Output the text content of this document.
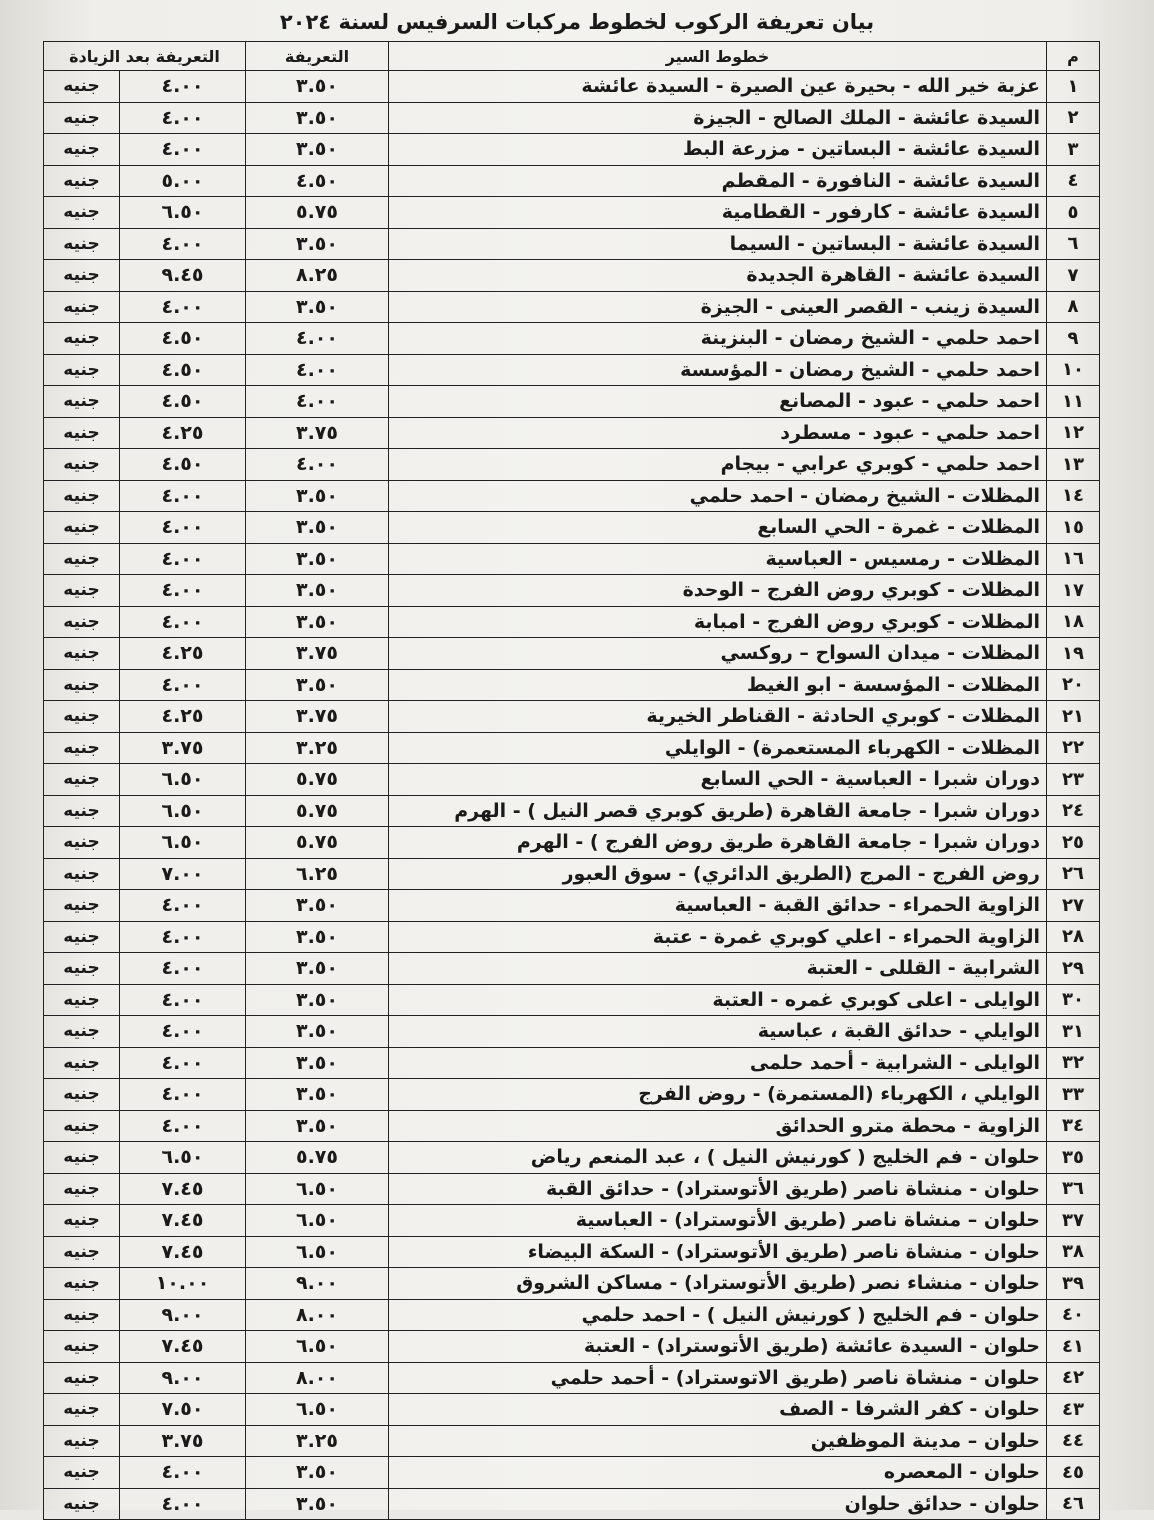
بيان تعريفة الركوب لخطوط مركبات السرفيس لسنة ٢٠٢٤
م	خطوط السير	التعريفة	التعريفة بعد الزيادة	
١	عزبة خير الله - بحيرة عين الصيرة - السيدة عائشة	٣.٥٠	٤.٠٠	جنيه
٢	السيدة عائشة - الملك الصالح - الجيزة	٣.٥٠	٤.٠٠	جنيه
٣	السيدة عائشة - البساتين - مزرعة البط	٣.٥٠	٤.٠٠	جنيه
٤	السيدة عائشة - النافورة - المقطم	٤.٥٠	٥.٠٠	جنيه
٥	السيدة عائشة - كارفور - القطامية	٥.٧٥	٦.٥٠	جنيه
٦	السيدة عائشة - البساتين - السيما	٣.٥٠	٤.٠٠	جنيه
٧	السيدة عائشة - القاهرة الجديدة	٨.٢٥	٩.٤٥	جنيه
٨	السيدة زينب - القصر العينى - الجيزة	٣.٥٠	٤.٠٠	جنيه
٩	احمد حلمي - الشيخ رمضان - البنزينة	٤.٠٠	٤.٥٠	جنيه
١٠	احمد حلمي - الشيخ رمضان - المؤسسة	٤.٠٠	٤.٥٠	جنيه
١١	احمد حلمي - عبود - المصانع	٤.٠٠	٤.٥٠	جنيه
١٢	احمد حلمي - عبود - مسطرد	٣.٧٥	٤.٢٥	جنيه
١٣	احمد حلمي - كوبري عرابي - بيجام	٤.٠٠	٤.٥٠	جنيه
١٤	المظلات - الشيخ رمضان - احمد حلمي	٣.٥٠	٤.٠٠	جنيه
١٥	المظلات - غمرة - الحي السابع	٣.٥٠	٤.٠٠	جنيه
١٦	المظلات - رمسيس - العباسية	٣.٥٠	٤.٠٠	جنيه
١٧	المظلات - كوبري روض الفرج – الوحدة	٣.٥٠	٤.٠٠	جنيه
١٨	المظلات - كوبري روض الفرج - امبابة	٣.٥٠	٤.٠٠	جنيه
١٩	المظلات - ميدان السواح – روكسي	٣.٧٥	٤.٢٥	جنيه
٢٠	المظلات - المؤسسة - ابو الغيط	٣.٥٠	٤.٠٠	جنيه
٢١	المظلات - كوبري الحادثة - القناطر الخيرية	٣.٧٥	٤.٢٥	جنيه
٢٢	المظلات - الكهرباء المستعمرة) - الوايلي	٣.٢٥	٣.٧٥	جنيه
٢٣	دوران شبرا - العباسية - الحي السابع	٥.٧٥	٦.٥٠	جنيه
٢٤	دوران شبرا - جامعة القاهرة (طريق كوبري قصر النيل ) - الهرم	٥.٧٥	٦.٥٠	جنيه
٢٥	دوران شبرا - جامعة القاهرة طريق روض الفرج ) - الهرم	٥.٧٥	٦.٥٠	جنيه
٢٦	روض الفرج - المرج (الطريق الدائري) - سوق العبور	٦.٢٥	٧.٠٠	جنيه
٢٧	الزاوية الحمراء - حدائق القبة - العباسية	٣.٥٠	٤.٠٠	جنيه
٢٨	الزاوية الحمراء - اعلي كوبري غمرة - عتبة	٣.٥٠	٤.٠٠	جنيه
٢٩	الشرابية - القللى - العتبة	٣.٥٠	٤.٠٠	جنيه
٣٠	الوايلى - اعلى كوبري غمره - العتبة	٣.٥٠	٤.٠٠	جنيه
٣١	الوايلي - حدائق القبة ، عباسية	٣.٥٠	٤.٠٠	جنيه
٣٢	الوايلى - الشرابية - أحمد حلمى	٣.٥٠	٤.٠٠	جنيه
٣٣	الوايلي ، الكهرباء (المستمرة) - روض الفرج	٣.٥٠	٤.٠٠	جنيه
٣٤	الزاوية - محطة مترو الحدائق	٣.٥٠	٤.٠٠	جنيه
٣٥	حلوان - فم الخليج ( كورنيش النيل ) ، عبد المنعم رياض	٥.٧٥	٦.٥٠	جنيه
٣٦	حلوان - منشاة ناصر (طريق الأتوستراد) - حدائق القبة	٦.٥٠	٧.٤٥	جنيه
٣٧	حلوان – منشاة ناصر (طريق الأتوستراد) - العباسية	٦.٥٠	٧.٤٥	جنيه
٣٨	حلوان - منشاة ناصر (طريق الأتوستراد) - السكة البيضاء	٦.٥٠	٧.٤٥	جنيه
٣٩	حلوان - منشاء نصر (طريق الأتوستراد) - مساكن الشروق	٩.٠٠	١٠.٠٠	جنيه
٤٠	حلوان - فم الخليج ( كورنيش النيل ) - احمد حلمي	٨.٠٠	٩.٠٠	جنيه
٤١	حلوان - السيدة عائشة (طريق الأتوستراد) - العتبة	٦.٥٠	٧.٤٥	جنيه
٤٢	حلوان - منشاة ناصر (طريق الاتوستراد) - أحمد حلمي	٨.٠٠	٩.٠٠	جنيه
٤٣	حلوان - كفر الشرفا - الصف	٦.٥٠	٧.٥٠	جنيه
٤٤	حلوان – مدينة الموظفين	٣.٢٥	٣.٧٥	جنيه
٤٥	حلوان - المعصره	٣.٥٠	٤.٠٠	جنيه
٤٦	حلوان - حدائق حلوان	٣.٥٠	٤.٠٠	جنيه
